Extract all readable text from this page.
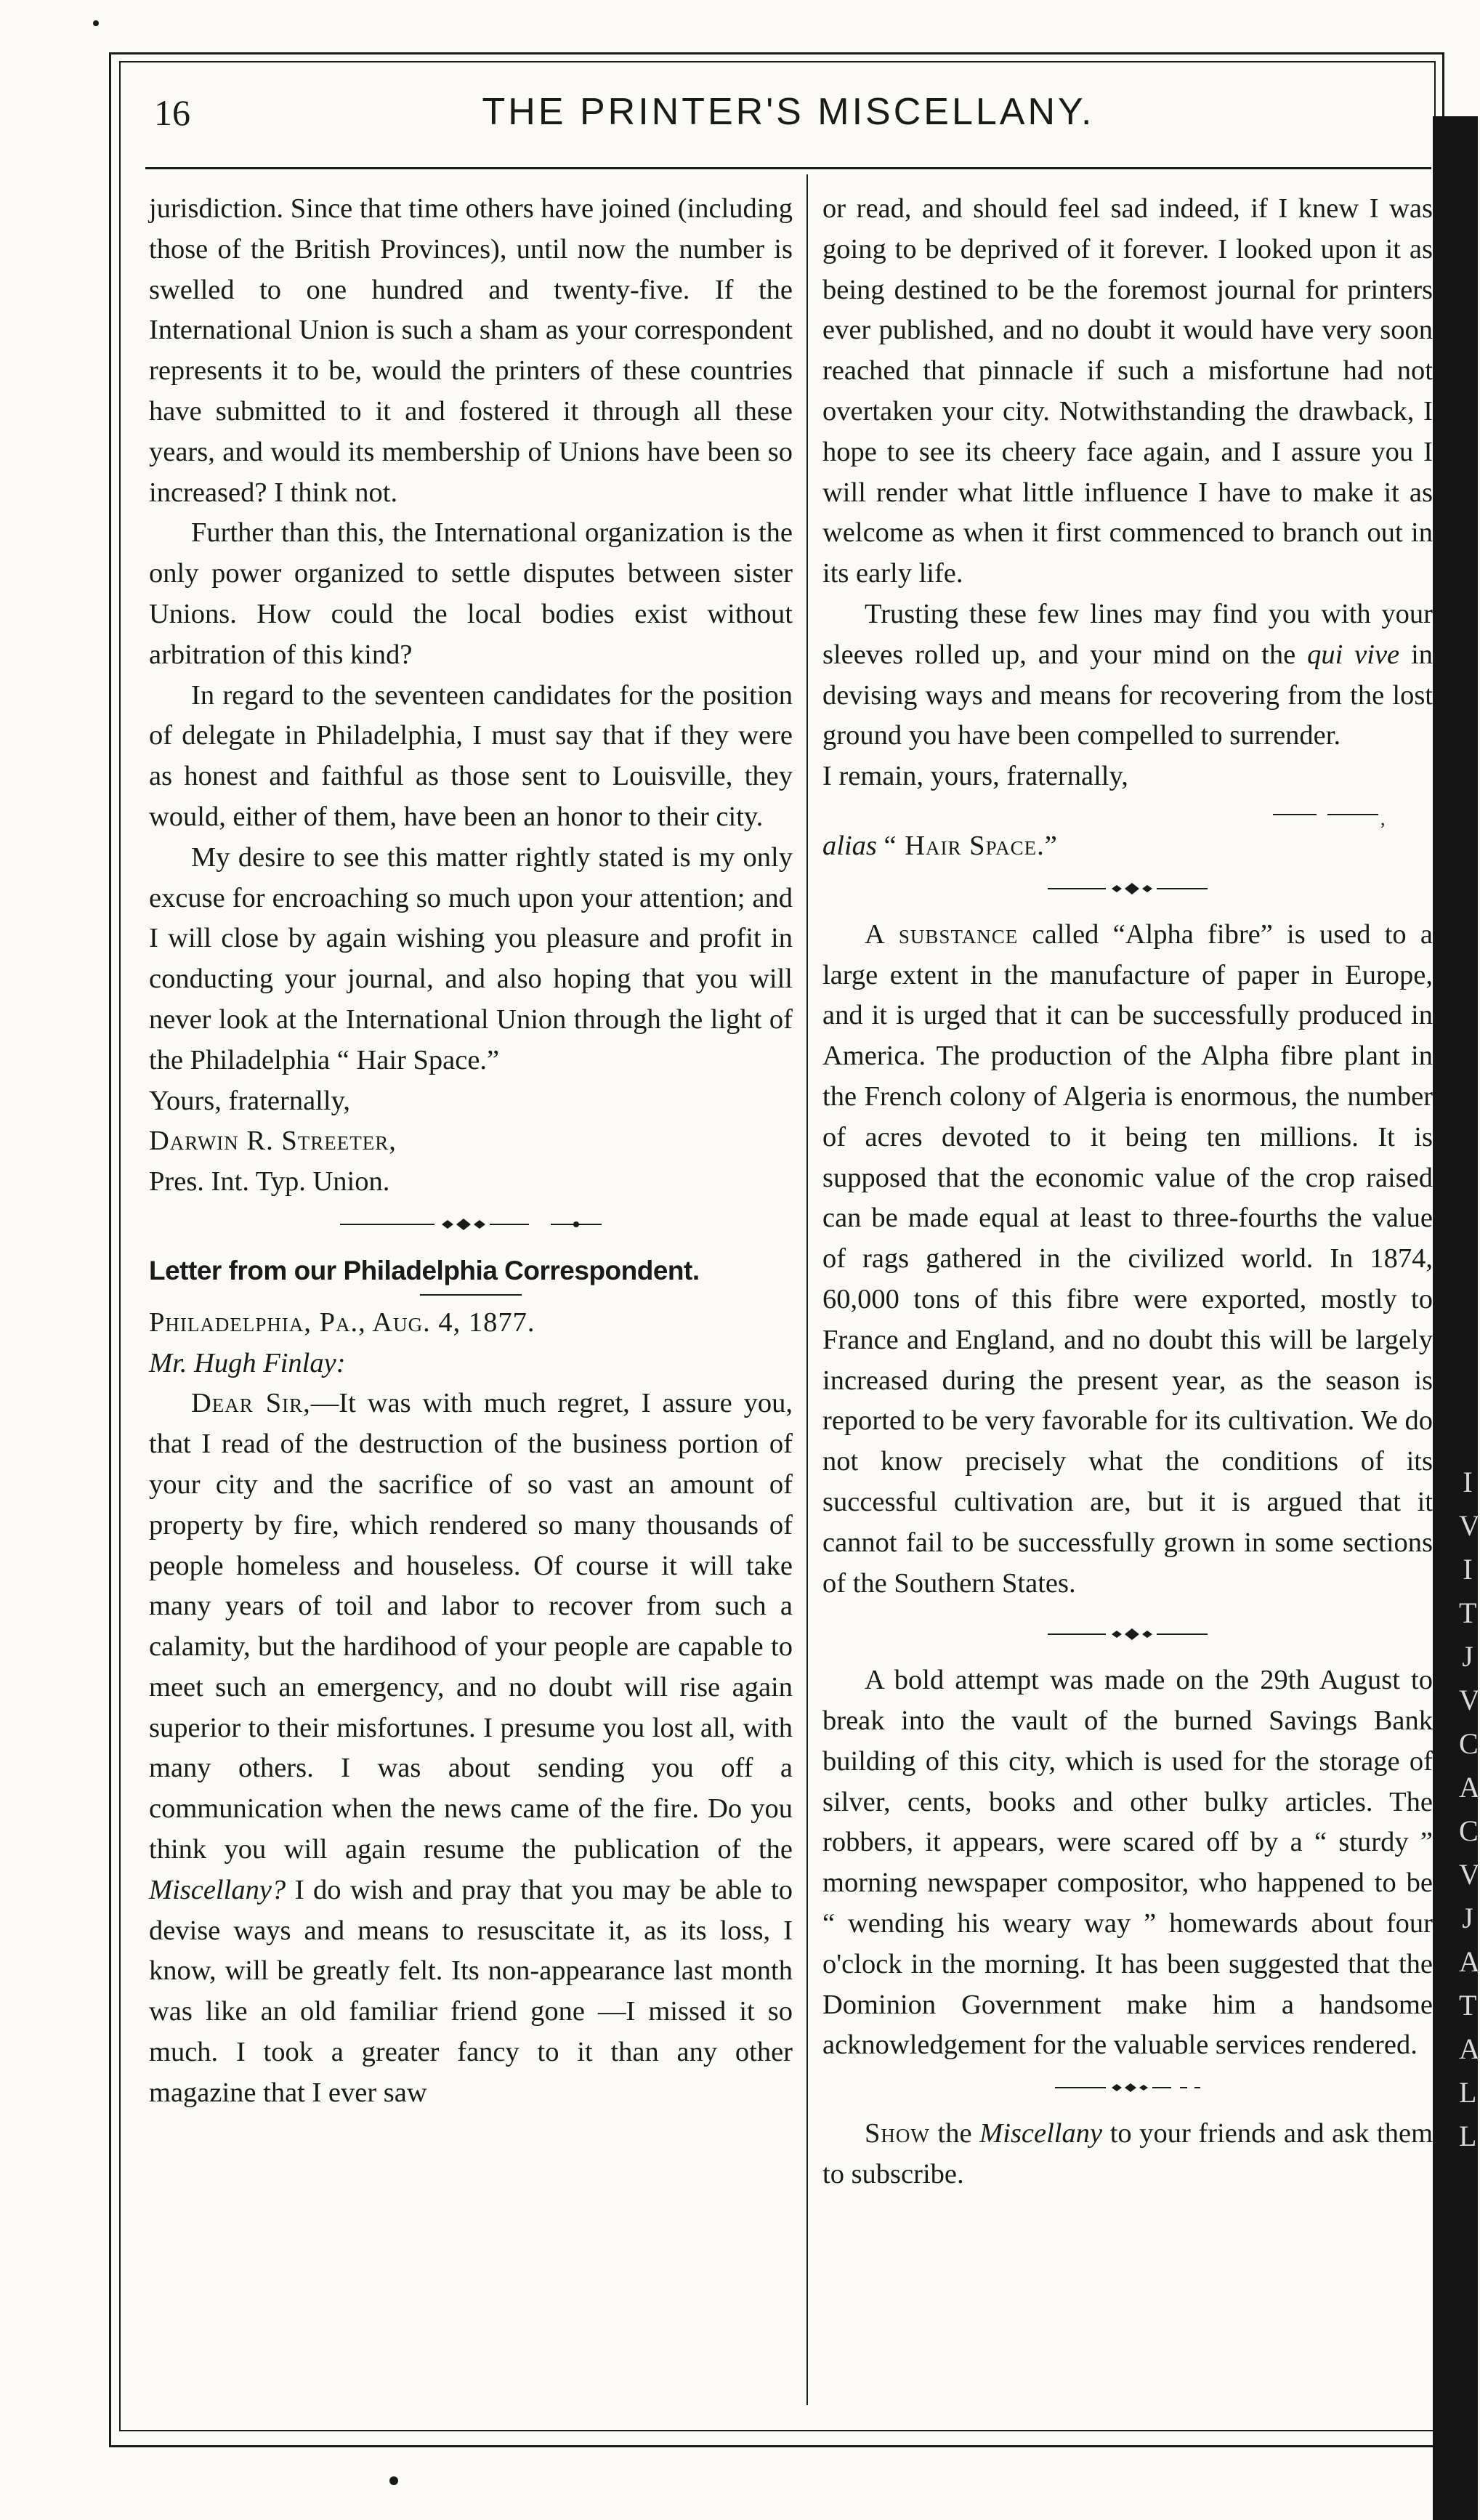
I
V
I
T
J
V
C
A
C
V
J
A
T
A
L
L
16	THE PRINTER'S MISCELLANY.

jurisdiction. Since that time others have joined (including those of the British Provinces), until now the number is swelled to one hundred and twenty-five. If the International Union is such a sham as your correspondent represents it to be, would the printers of these countries have submitted to it and fostered it through all these years, and would its membership of Unions have been so increased? I think not.

Further than this, the International organization is the only power organized to settle disputes between sister Unions. How could the local bodies exist without arbitration of this kind?

In regard to the seventeen candidates for the position of delegate in Philadelphia, I must say that if they were as honest and faithful as those sent to Louisville, they would, either of them, have been an honor to their city.

My desire to see this matter rightly stated is my only excuse for encroaching so much upon your attention; and I will close by again wishing you pleasure and profit in conducting your journal, and also hoping that you will never look at the International Union through the light of the Philadelphia “ Hair Space.”

Yours, fraternally,

Darwin R. Streeter,

Pres. Int. Typ. Union.

Letter from our Philadelphia Correspondent.

Philadelphia, Pa., Aug. 4, 1877.

Mr. Hugh Finlay:

Dear Sir,—It was with much regret, I assure you, that I read of the destruction of the business portion of your city and the sacrifice of so vast an amount of property by fire, which rendered so many thousands of people homeless and houseless. Of course it will take many years of toil and labor to recover from such a calamity, but the hardihood of your people are capable to meet such an emergency, and no doubt will rise again superior to their misfortunes. I presume you lost all, with many others. I was about sending you off a communication when the news came of the fire. Do you think you will again resume the publication of the Miscellany? I do wish and pray that you may be able to devise ways and means to resuscitate it, as its loss, I know, will be greatly felt. Its non-appearance last month was like an old familiar friend gone —I missed it so much. I took a greater fancy to it than any other magazine that I ever saw

or read, and should feel sad indeed, if I knew I was going to be deprived of it forever. I looked upon it as being destined to be the foremost journal for printers ever published, and no doubt it would have very soon reached that pinnacle if such a misfortune had not overtaken your city. Notwithstanding the drawback, I hope to see its cheery face again, and I assure you I will render what little influence I have to make it as welcome as when it first commenced to branch out in its early life.

Trusting these few lines may find you with your sleeves rolled up, and your mind on the qui vive in devising ways and means for recovering from the lost ground you have been compelled to surrender.

I remain, yours, fraternally,

,

alias “ Hair Space.”

A substance called “Alpha fibre” is used to a large extent in the manufacture of paper in Europe, and it is urged that it can be successfully produced in America. The production of the Alpha fibre plant in the French colony of Algeria is enormous, the number of acres devoted to it being ten millions. It is supposed that the economic value of the crop raised can be made equal at least to three-fourths the value of rags gathered in the civilized world. In 1874, 60,000 tons of this fibre were exported, mostly to France and England, and no doubt this will be largely increased during the present year, as the season is reported to be very favorable for its cultivation. We do not know precisely what the conditions of its successful cultivation are, but it is argued that it cannot fail to be successfully grown in some sections of the Southern States.

A bold attempt was made on the 29th August to break into the vault of the burned Savings Bank building of this city, which is used for the storage of silver, cents, books and other bulky articles. The robbers, it appears, were scared off by a “ sturdy ” morning newspaper compositor, who happened to be “ wending his weary way ” homewards about four o'clock in the morning. It has been suggested that the Dominion Government make him a handsome acknowledgement for the valuable services rendered.

Show the Miscellany to your friends and ask them to subscribe.
